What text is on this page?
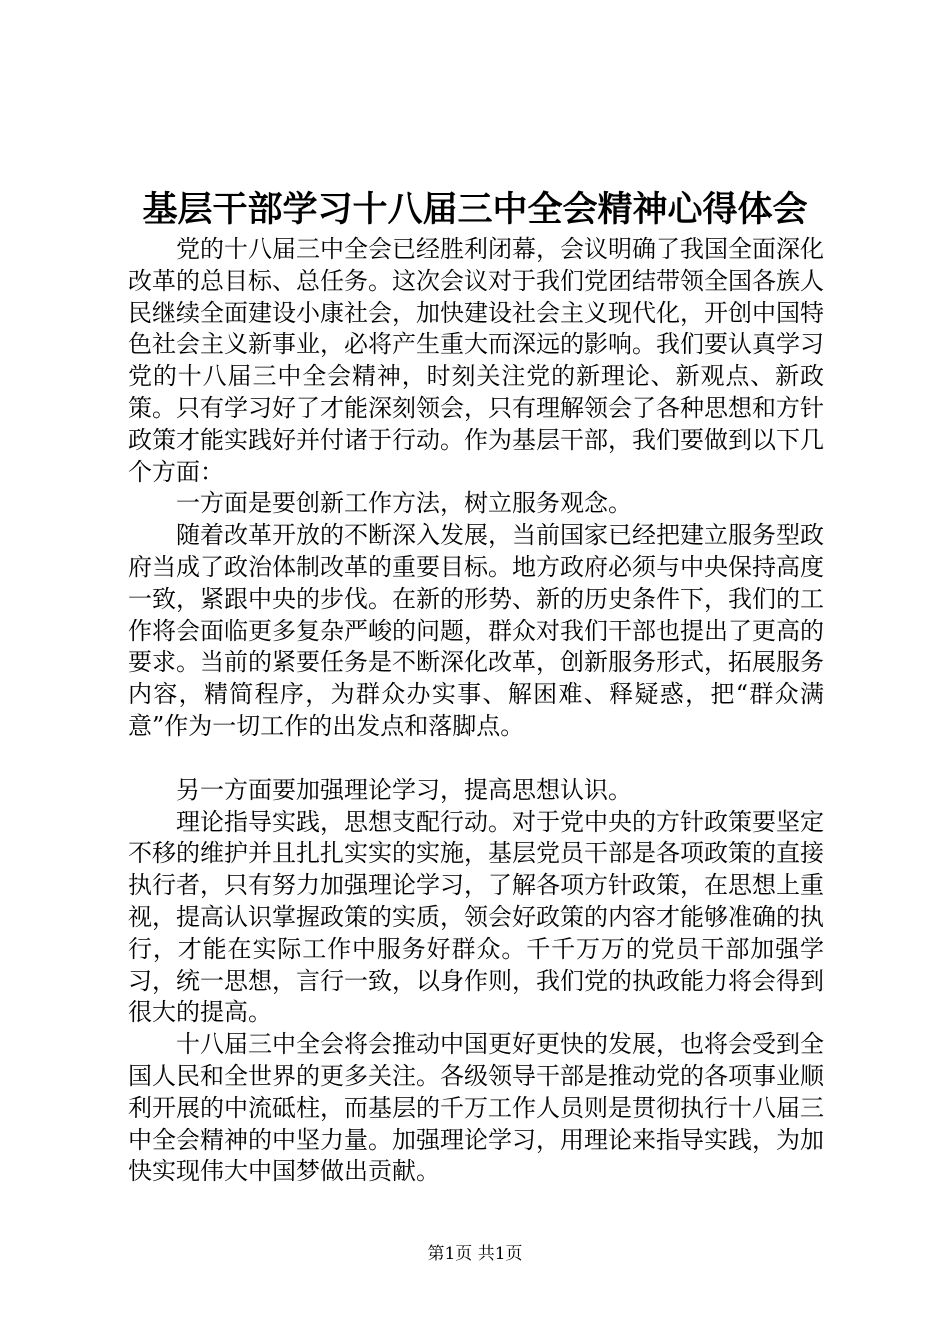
基层干部学习十八届三中全会精神心得体会

党的十八届三中全会已经胜利闭幕，会议明确了我国全面深化改革的总目标、总任务。这次会议对于我们党团结带领全国各族人民继续全面建设小康社会，加快建设社会主义现代化，开创中国特色社会主义新事业，必将产生重大而深远的影响。我们要认真学习党的十八届三中全会精神，时刻关注党的新理论、新观点、新政策。只有学习好了才能深刻领会，只有理解领会了各种思想和方针政策才能实践好并付诸于行动。作为基层干部，我们要做到以下几个方面：

一方面是要创新工作方法，树立服务观念。

随着改革开放的不断深入发展，当前国家已经把建立服务型政府当成了政治体制改革的重要目标。地方政府必须与中央保持高度一致，紧跟中央的步伐。在新的形势、新的历史条件下，我们的工作将会面临更多复杂严峻的问题，群众对我们干部也提出了更高的要求。当前的紧要任务是不断深化改革，创新服务形式，拓展服务内容，精简程序，为群众办实事、解困难、释疑惑，把“群众满意”作为一切工作的出发点和落脚点。

另一方面要加强理论学习，提高思想认识。

理论指导实践，思想支配行动。对于党中央的方针政策要坚定不移的维护并且扎扎实实的实施，基层党员干部是各项政策的直接执行者，只有努力加强理论学习，了解各项方针政策，在思想上重视，提高认识掌握政策的实质，领会好政策的内容才能够准确的执行，才能在实际工作中服务好群众。千千万万的党员干部加强学习，统一思想，言行一致，以身作则，我们党的执政能力将会得到很大的提高。

十八届三中全会将会推动中国更好更快的发展，也将会受到全国人民和全世界的更多关注。各级领导干部是推动党的各项事业顺利开展的中流砥柱，而基层的千万工作人员则是贯彻执行十八届三中全会精神的中坚力量。加强理论学习，用理论来指导实践，为加快实现伟大中国梦做出贡献。

第1页 共1页
